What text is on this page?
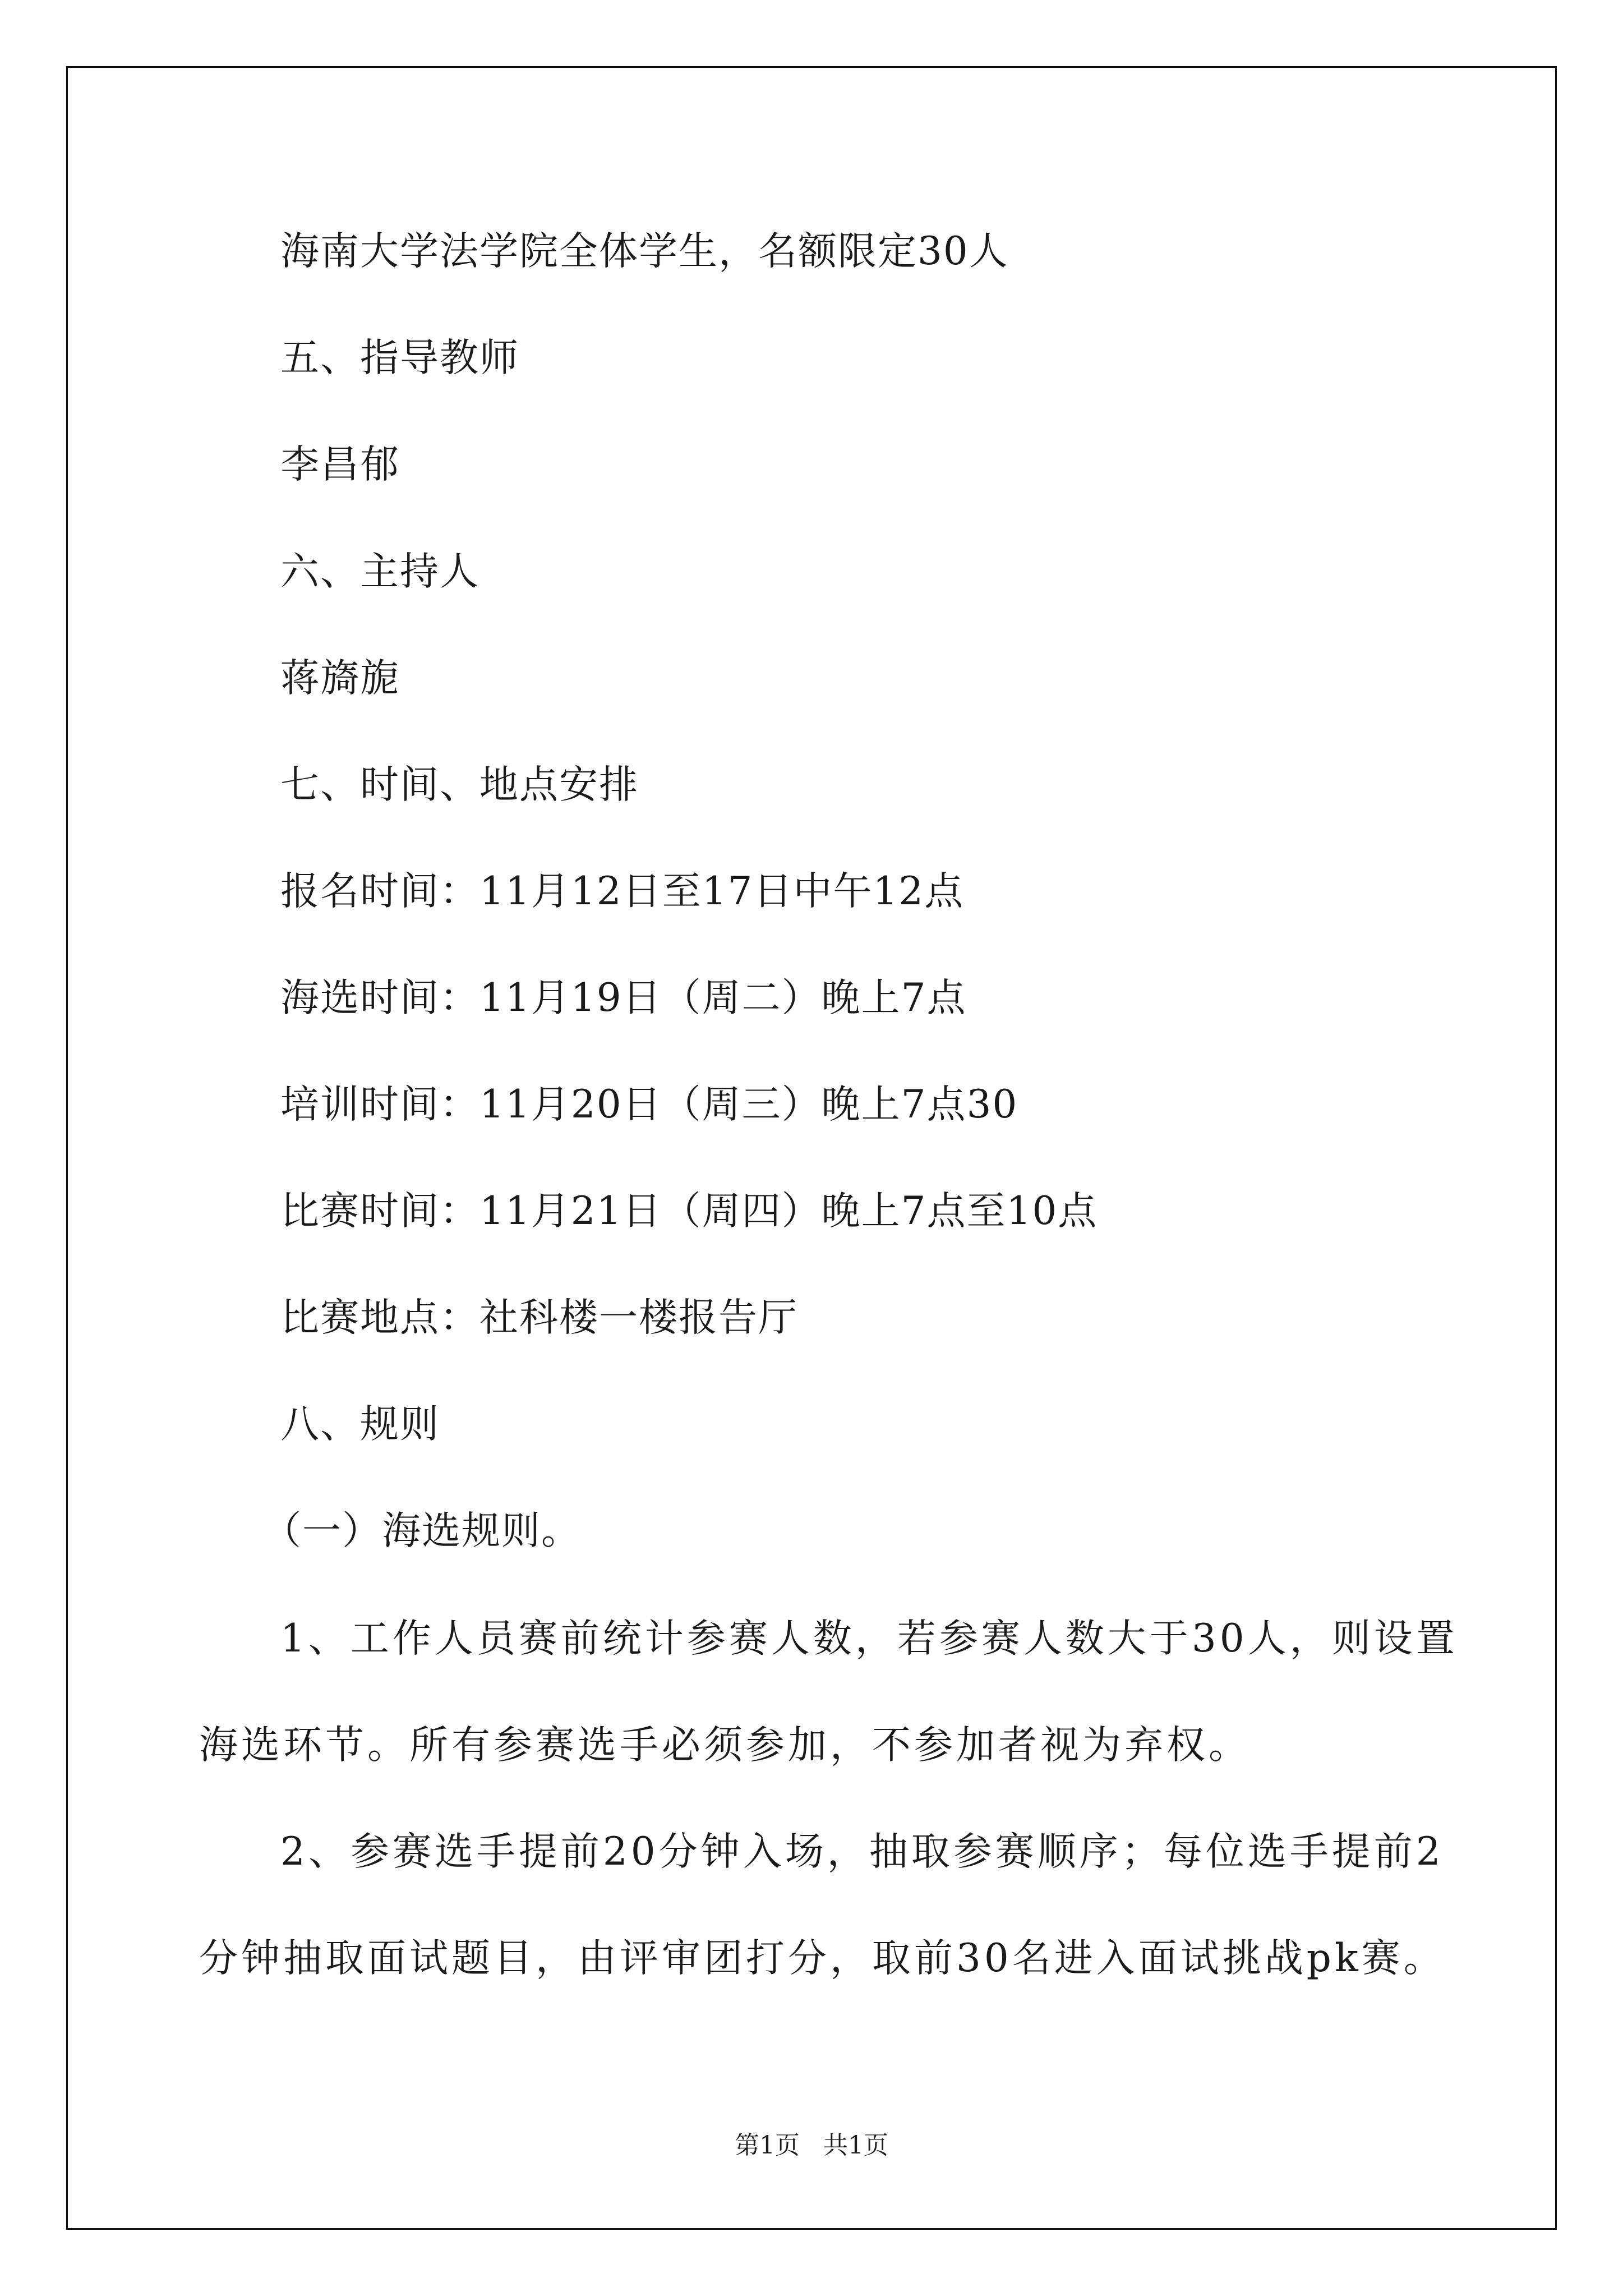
海南大学法学院全体学生，名额限定30人
五、指导教师
李昌郁
六、主持人
蒋旖旎
七、时间、地点安排
报名时间：11月12日至17日中午12点
海选时间：11月19日（周二）晚上7点
培训时间：11月20日（周三）晚上7点30
比赛时间：11月21日（周四）晚上7点至10点
比赛地点：社科楼一楼报告厅
八、规则
（一）海选规则。
1、工作人员赛前统计参赛人数，若参赛人数大于30人，则设置
海选环节。所有参赛选手必须参加，不参加者视为弃权。
2、参赛选手提前20分钟入场，抽取参赛顺序；每位选手提前2
分钟抽取面试题目，由评审团打分，取前30名进入面试挑战pk赛。
第1页   共1页
